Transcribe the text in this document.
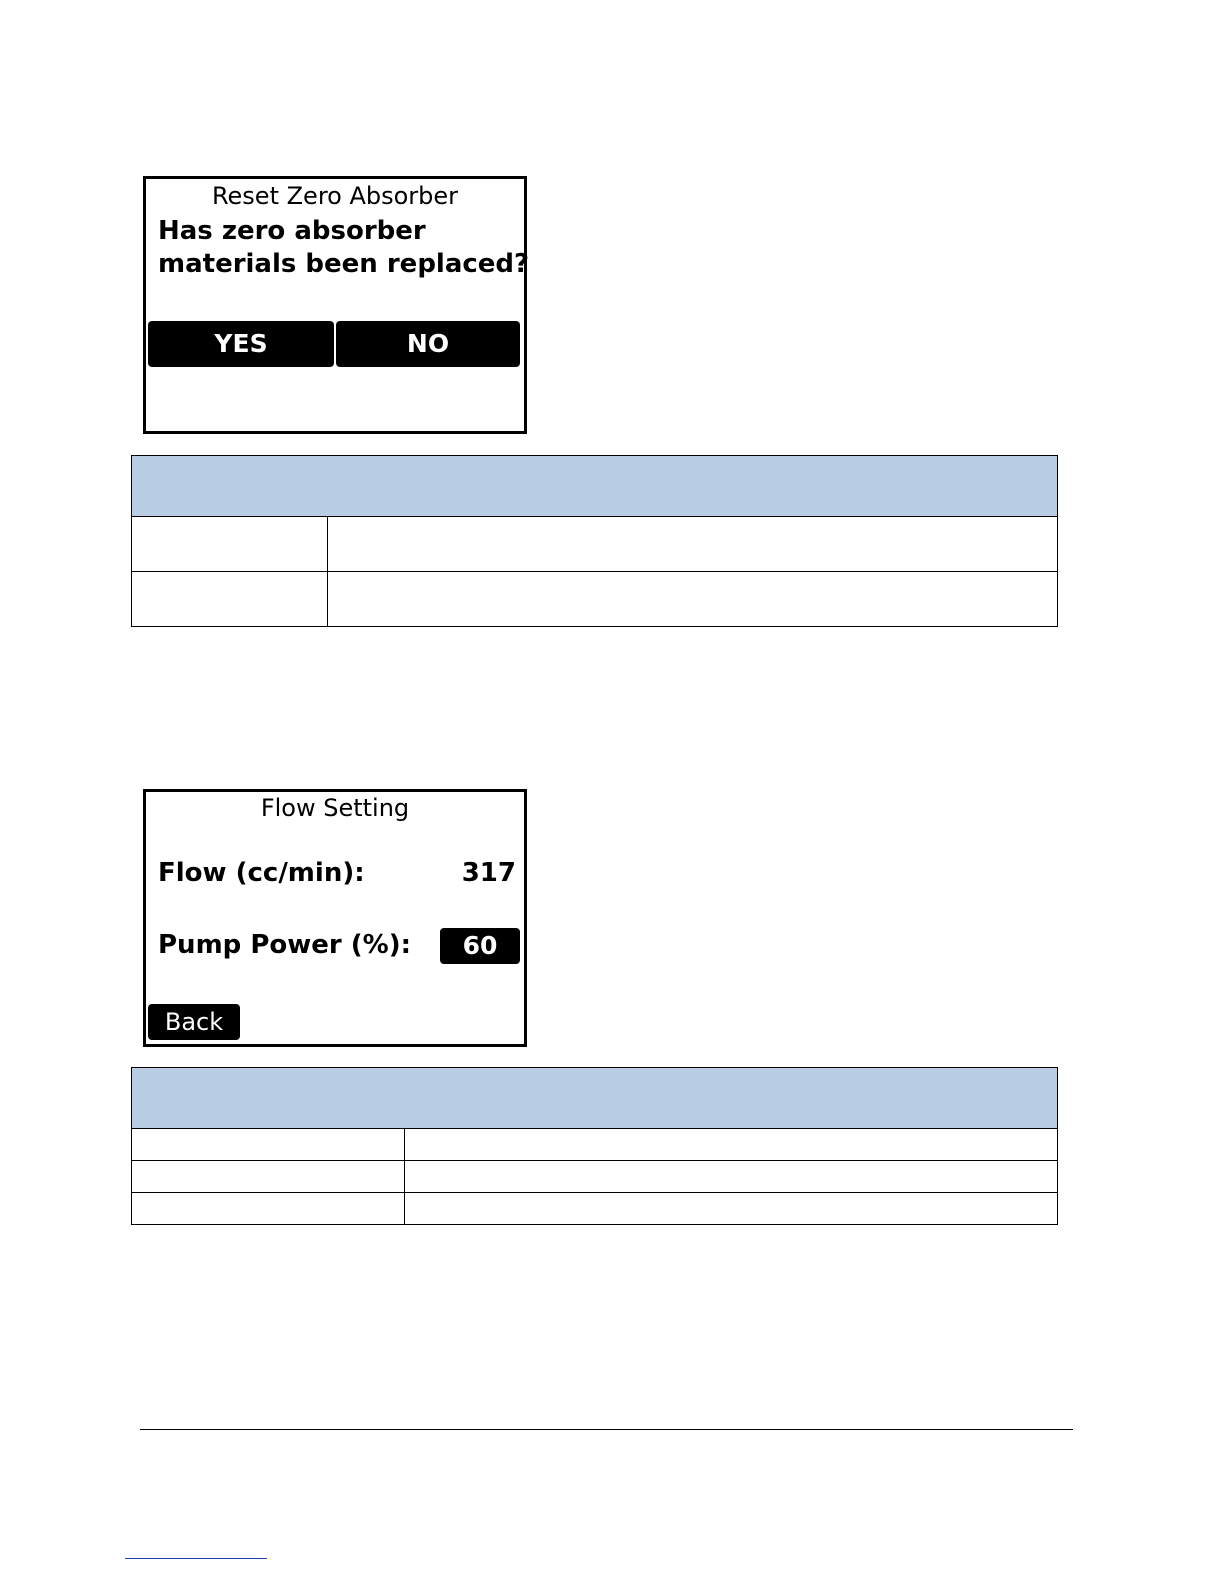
Reset Zero Absorber
Has zero absorber
materials been replaced?
YES	NO

Flow Setting
Flow (cc/min):	317
Pump Power (%):	60
Back
